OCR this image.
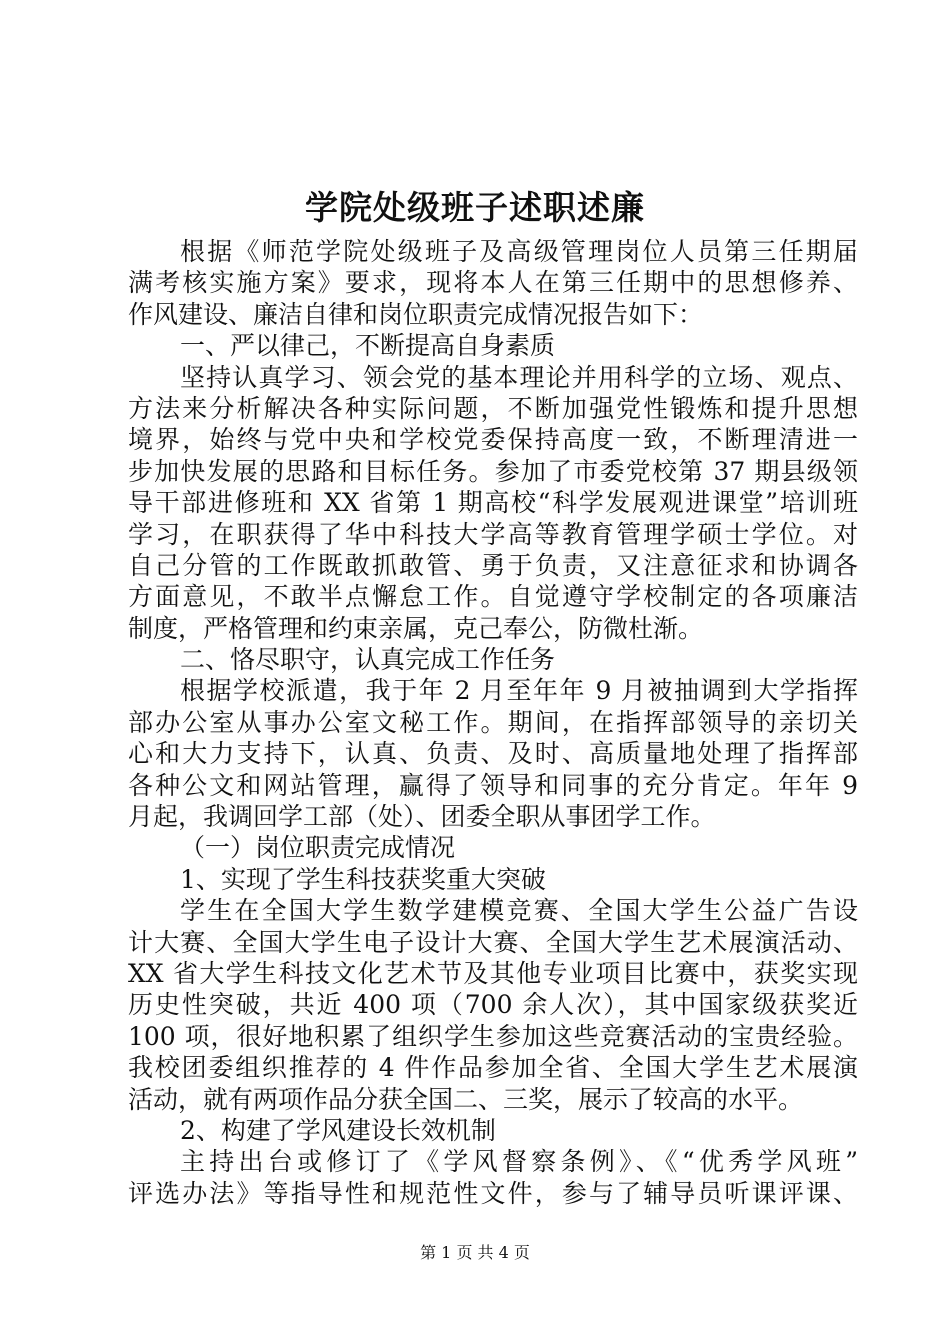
学院处级班子述职述廉
根据《师范学院处级班子及高级管理岗位人员第三任期届
满考核实施方案》要求，现将本人在第三任期中的思想修养、
作风建设、廉洁自律和岗位职责完成情况报告如下：
一、严以律己，不断提高自身素质
坚持认真学习、领会党的基本理论并用科学的立场、观点、
方法来分析解决各种实际问题，不断加强党性锻炼和提升思想
境界，始终与党中央和学校党委保持高度一致，不断理清进一
步加快发展的思路和目标任务。参加了市委党校第 37 期县级领
导干部进修班和 XX 省第 1 期高校“科学发展观进课堂”培训班
学习，在职获得了华中科技大学高等教育管理学硕士学位。对
自己分管的工作既敢抓敢管、勇于负责，又注意征求和协调各
方面意见，不敢半点懈怠工作。自觉遵守学校制定的各项廉洁
制度，严格管理和约束亲属，克己奉公，防微杜渐。
二、恪尽职守，认真完成工作任务
根据学校派遣，我于年 2 月至年年 9 月被抽调到大学指挥
部办公室从事办公室文秘工作。期间，在指挥部领导的亲切关
心和大力支持下，认真、负责、及时、高质量地处理了指挥部
各种公文和网站管理，赢得了领导和同事的充分肯定。年年 9
月起，我调回学工部（处）、团委全职从事团学工作。
（一）岗位职责完成情况
1、实现了学生科技获奖重大突破
学生在全国大学生数学建模竞赛、全国大学生公益广告设
计大赛、全国大学生电子设计大赛、全国大学生艺术展演活动、
XX 省大学生科技文化艺术节及其他专业项目比赛中，获奖实现
历史性突破，共近 400 项（700 余人次），其中国家级获奖近
100 项，很好地积累了组织学生参加这些竞赛活动的宝贵经验。
我校团委组织推荐的 4 件作品参加全省、全国大学生艺术展演
活动，就有两项作品分获全国二、三奖，展示了较高的水平。
2、构建了学风建设长效机制
主持出台或修订了《学风督察条例》、《“优秀学风班”
评选办法》等指导性和规范性文件，参与了辅导员听课评课、
第 1 页 共 4 页
